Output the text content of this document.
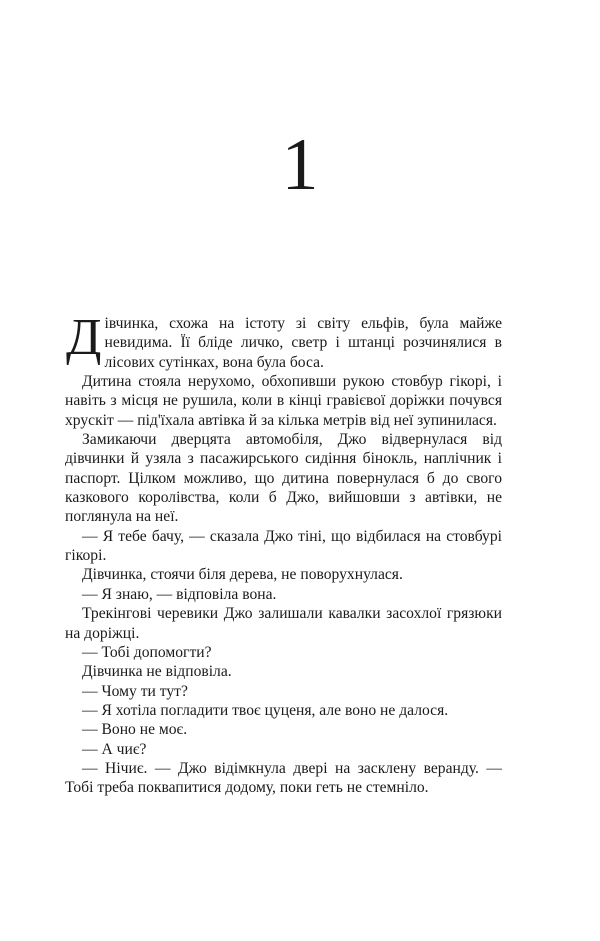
1

Дівчинка, схожа на істоту зі світу ельфів, була майже невидима. Її бліде личко, светр і штанці розчинялися в лісових сутінках, вона була боса.

Дитина стояла нерухомо, обхопивши рукою стовбур гікорі, і навіть з місця не рушила, коли в кінці гравієвої доріжки почувся хрускіт — під'їхала автівка й за кілька метрів від неї зупинилася.

Замикаючи дверцята автомобіля, Джо відвернулася від дівчинки й узяла з пасажирського сидіння бінокль, наплічник і паспорт. Цілком можливо, що дитина повернулася б до свого казкового королівства, коли б Джо, вийшовши з автівки, не поглянула на неї.

— Я тебе бачу, — сказала Джо тіні, що відбилася на стовбурі гікорі.

Дівчинка, стоячи біля дерева, не поворухнулася.

— Я знаю, — відповіла вона.

Трекінгові черевики Джо залишали кавалки засохлої грязюки на доріжці.

— Тобі допомогти?

Дівчинка не відповіла.

— Чому ти тут?

— Я хотіла погладити твоє цуценя, але воно не далося.

— Воно не моє.

— А чиє?

— Нічиє. — Джо відімкнула двері на засклену веранду. — Тобі треба поквапитися додому, поки геть не стемніло.
